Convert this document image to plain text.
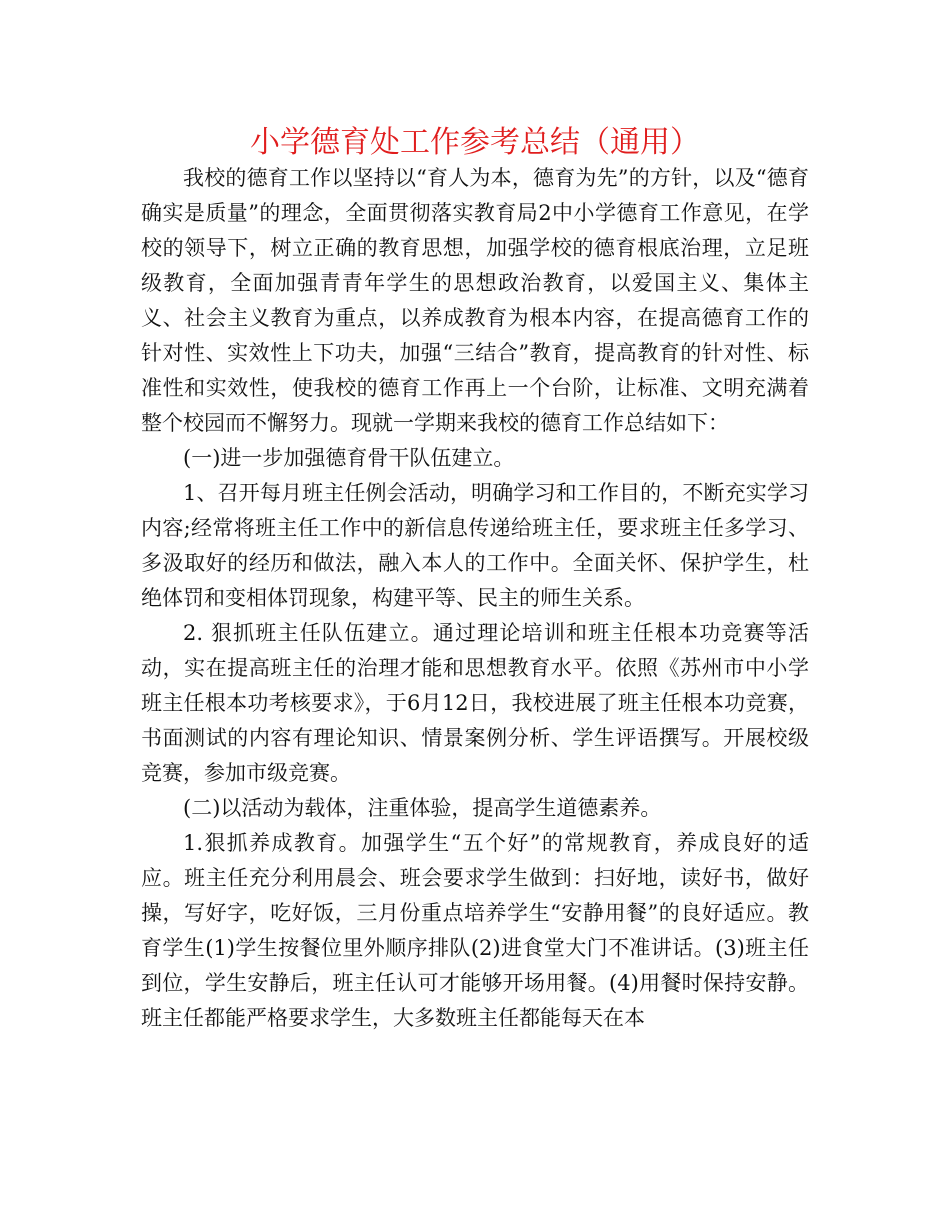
小学德育处工作参考总结（通用）

我校的德育工作以坚持以“育人为本，德育为先”的方针，以及“德育确实是质量”的理念，全面贯彻落实教育局2中小学德育工作意见，在学校的领导下，树立正确的教育思想，加强学校的德育根底治理，立足班级教育，全面加强青青年学生的思想政治教育，以爱国主义、集体主义、社会主义教育为重点，以养成教育为根本内容，在提高德育工作的针对性、实效性上下功夫，加强“三结合”教育，提高教育的针对性、标准性和实效性，使我校的德育工作再上一个台阶，让标准、文明充满着整个校园而不懈努力。现就一学期来我校的德育工作总结如下：

(一)进一步加强德育骨干队伍建立。

1、召开每月班主任例会活动，明确学习和工作目的，不断充实学习内容;经常将班主任工作中的新信息传递给班主任，要求班主任多学习、多汲取好的经历和做法，融入本人的工作中。全面关怀、保护学生，杜绝体罚和变相体罚现象，构建平等、民主的师生关系。

2. 狠抓班主任队伍建立。通过理论培训和班主任根本功竞赛等活动，实在提高班主任的治理才能和思想教育水平。依照《苏州市中小学班主任根本功考核要求》，于6月12日，我校进展了班主任根本功竞赛，书面测试的内容有理论知识、情景案例分析、学生评语撰写。开展校级竞赛，参加市级竞赛。

(二)以活动为载体，注重体验，提高学生道德素养。

1.狠抓养成教育。加强学生“五个好”的常规教育，养成良好的适应。班主任充分利用晨会、班会要求学生做到：扫好地，读好书，做好操，写好字，吃好饭，三月份重点培养学生“安静用餐”的良好适应。教育学生(1)学生按餐位里外顺序排队(2)进食堂大门不准讲话。(3)班主任到位，学生安静后，班主任认可才能够开场用餐。(4)用餐时保持安静。班主任都能严格要求学生，大多数班主任都能每天在本
